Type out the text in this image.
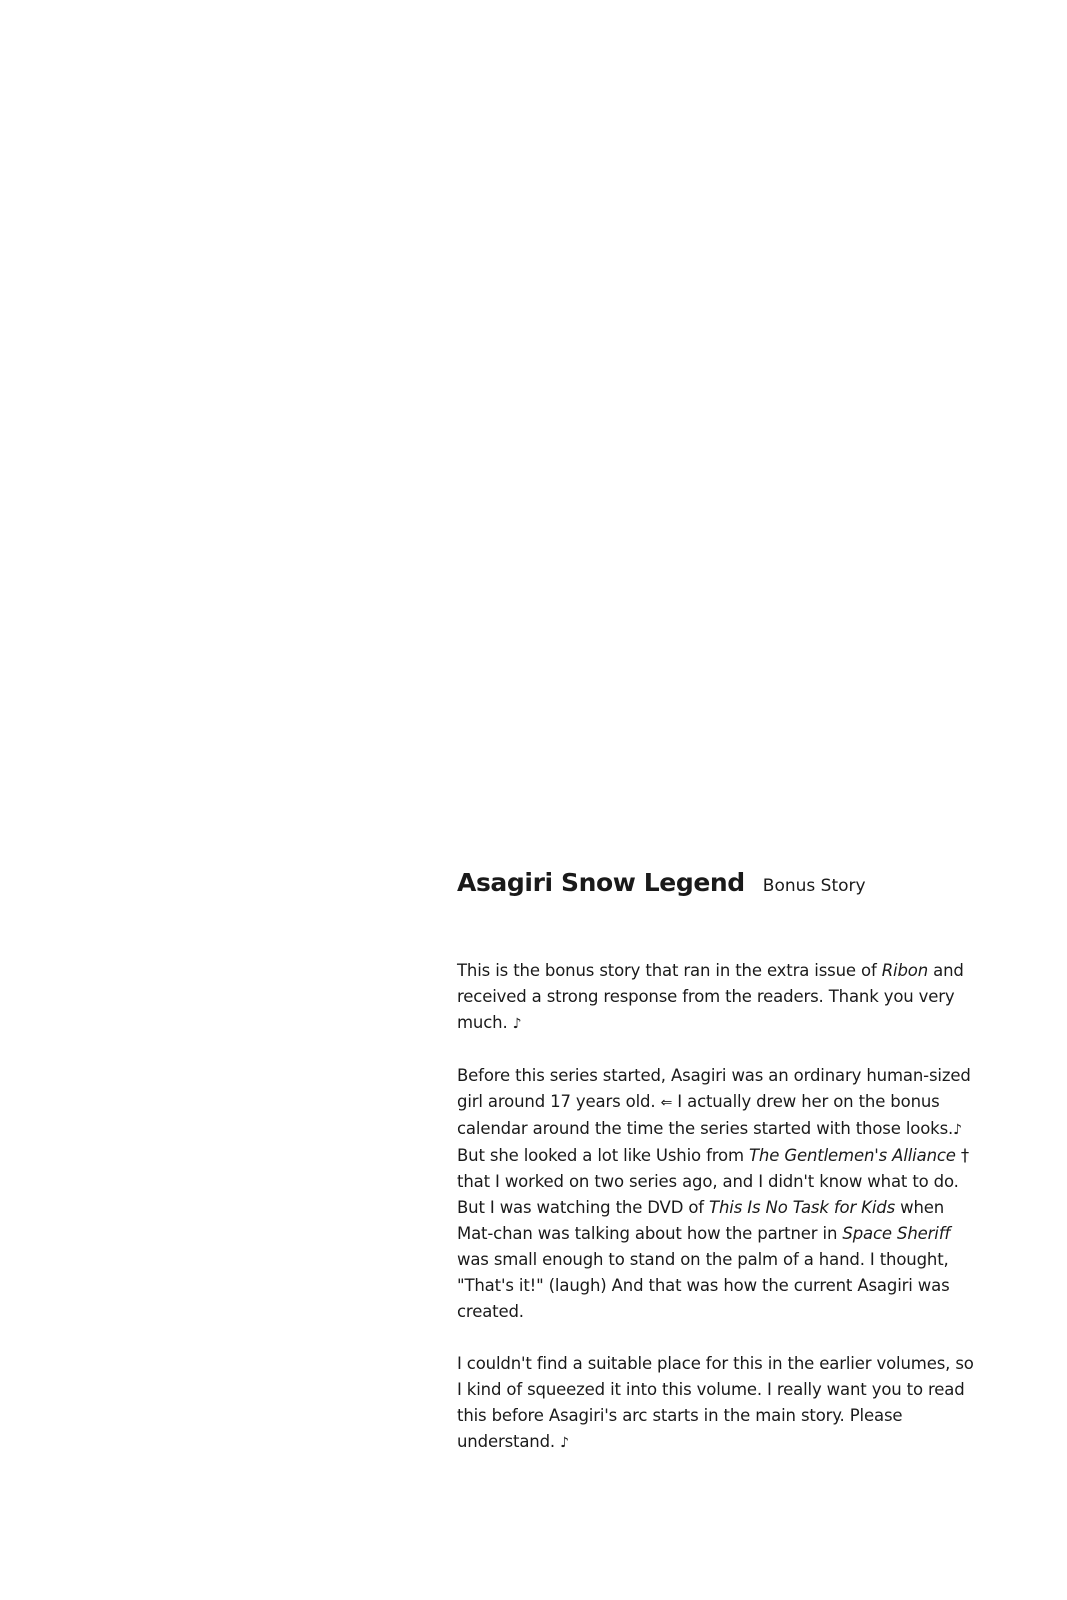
Asagiri Snow Legend Bonus Story

This is the bonus story that ran in the extra issue of Ribon and received a strong response from the readers. Thank you very much. ♪

Before this series started, Asagiri was an ordinary human-sized girl around 17 years old. ⇐ I actually drew her on the bonus calendar around the time the series started with those looks.♪ But she looked a lot like Ushio from The Gentlemen's Alliance † that I worked on two series ago, and I didn't know what to do. But I was watching the DVD of This Is No Task for Kids when Mat-chan was talking about how the partner in Space Sheriff was small enough to stand on the palm of a hand. I thought, "That's it!" (laugh) And that was how the current Asagiri was created.

I couldn't find a suitable place for this in the earlier volumes, so I kind of squeezed it into this volume. I really want you to read this before Asagiri's arc starts in the main story. Please understand. ♪
